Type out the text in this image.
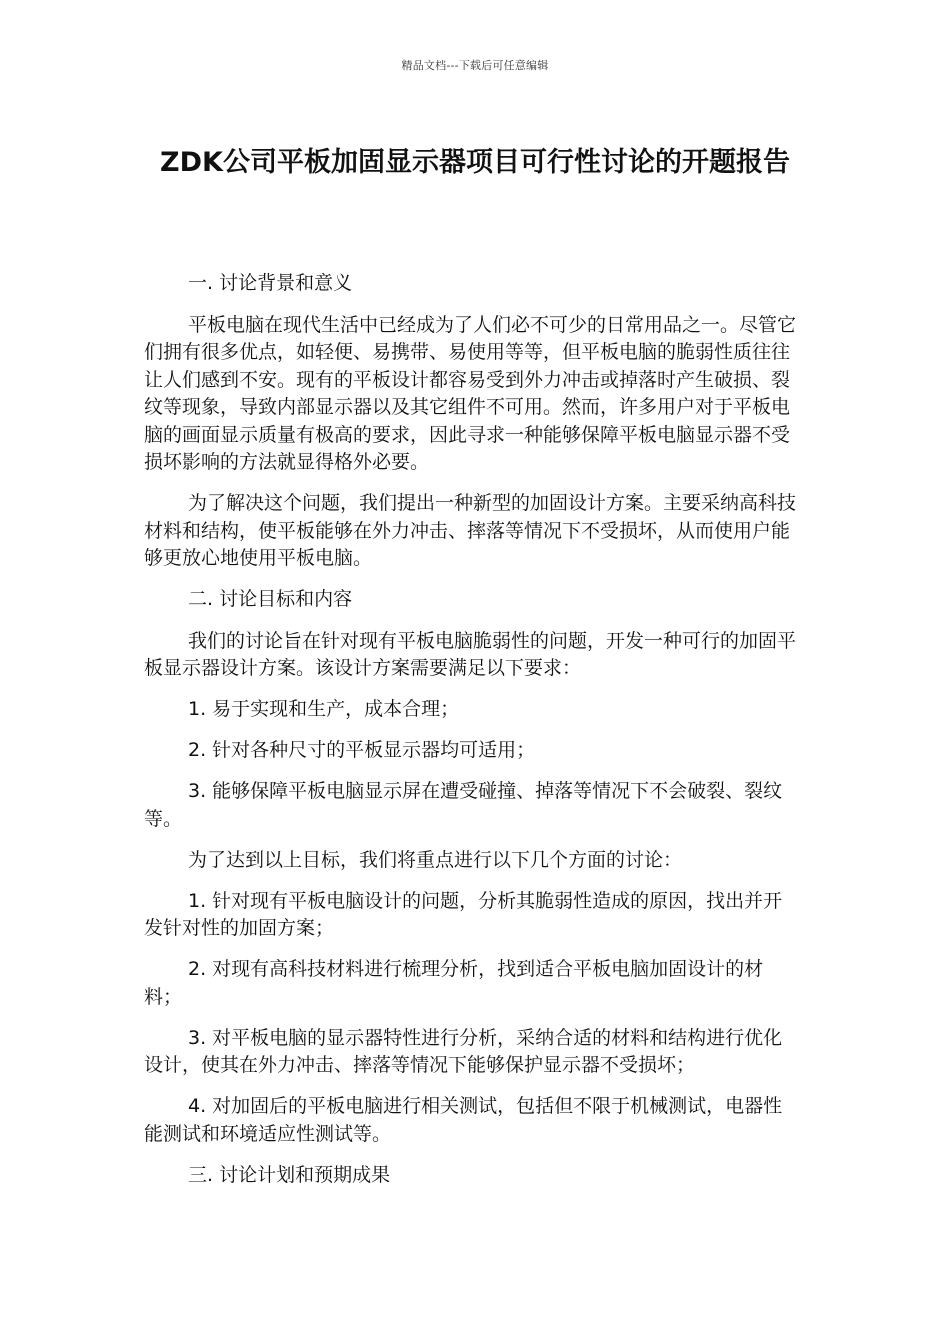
精品文档---下载后可任意编辑
ZDK公司平板加固显示器项目可行性讨论的开题报告

一. 讨论背景和意义

平板电脑在现代生活中已经成为了人们必不可少的日常用品之一。尽管它们拥有很多优点，如轻便、易携带、易使用等等，但平板电脑的脆弱性质往往让人们感到不安。现有的平板设计都容易受到外力冲击或掉落时产生破损、裂纹等现象，导致内部显示器以及其它组件不可用。然而，许多用户对于平板电脑的画面显示质量有极高的要求，因此寻求一种能够保障平板电脑显示器不受损坏影响的方法就显得格外必要。

为了解决这个问题，我们提出一种新型的加固设计方案。主要采纳高科技材料和结构，使平板能够在外力冲击、摔落等情况下不受损坏，从而使用户能够更放心地使用平板电脑。

二. 讨论目标和内容

我们的讨论旨在针对现有平板电脑脆弱性的问题，开发一种可行的加固平板显示器设计方案。该设计方案需要满足以下要求：

1. 易于实现和生产，成本合理；

2. 针对各种尺寸的平板显示器均可适用；

3. 能够保障平板电脑显示屏在遭受碰撞、掉落等情况下不会破裂、裂纹等。

为了达到以上目标，我们将重点进行以下几个方面的讨论：

1. 针对现有平板电脑设计的问题，分析其脆弱性造成的原因，找出并开发针对性的加固方案；

2. 对现有高科技材料进行梳理分析，找到适合平板电脑加固设计的材料；

3. 对平板电脑的显示器特性进行分析，采纳合适的材料和结构进行优化设计，使其在外力冲击、摔落等情况下能够保护显示器不受损坏；

4. 对加固后的平板电脑进行相关测试，包括但不限于机械测试，电器性能测试和环境适应性测试等。

三. 讨论计划和预期成果
